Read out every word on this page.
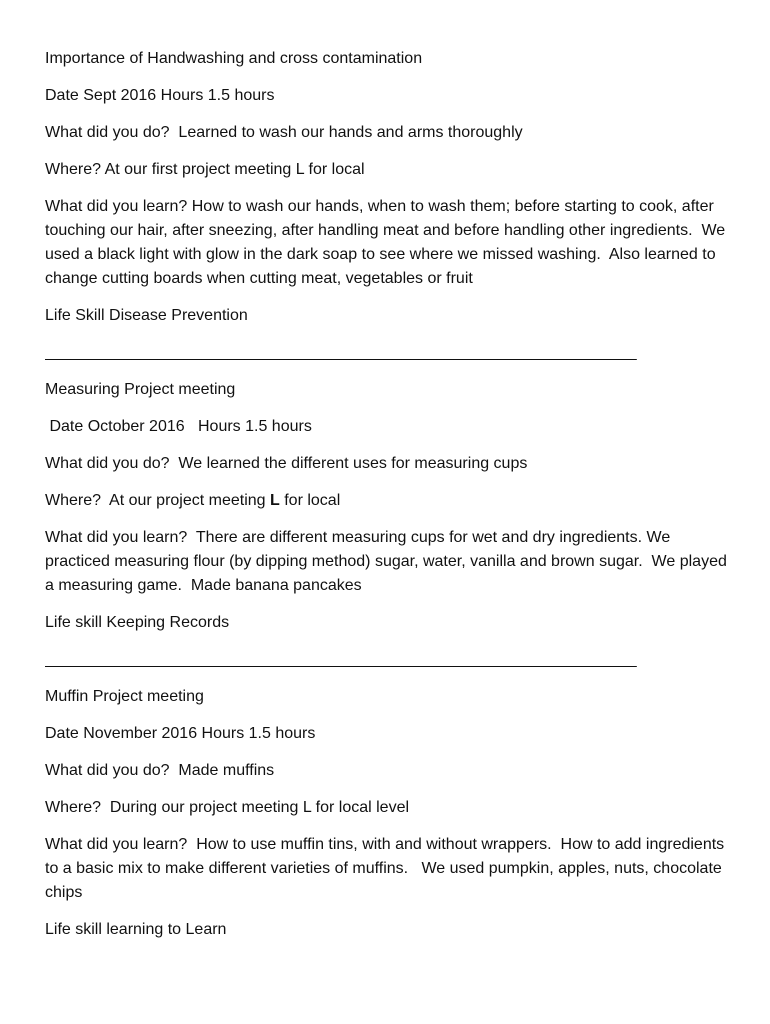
Importance of Handwashing and cross contamination

Date Sept 2016 Hours 1.5 hours

What did you do?  Learned to wash our hands and arms thoroughly

Where? At our first project meeting L for local

What did you learn? How to wash our hands, when to wash them; before starting to cook, after touching our hair, after sneezing, after handling meat and before handling other ingredients.  We used a black light with glow in the dark soap to see where we missed washing.  Also learned to change cutting boards when cutting meat, vegetables or fruit

Life Skill Disease Prevention

____________________________________________________________________

Measuring Project meeting

Date October 2016   Hours 1.5 hours

What did you do?  We learned the different uses for measuring cups

Where?  At our project meeting L for local

What did you learn?  There are different measuring cups for wet and dry ingredients. We practiced measuring flour (by dipping method) sugar, water, vanilla and brown sugar.  We played a measuring game.  Made banana pancakes

Life skill Keeping Records

____________________________________________________________________

Muffin Project meeting

Date November 2016 Hours 1.5 hours

What did you do?  Made muffins

Where?  During our project meeting L for local level

What did you learn?  How to use muffin tins, with and without wrappers.  How to add ingredients to a basic mix to make different varieties of muffins.   We used pumpkin, apples, nuts, chocolate chips

Life skill learning to Learn
